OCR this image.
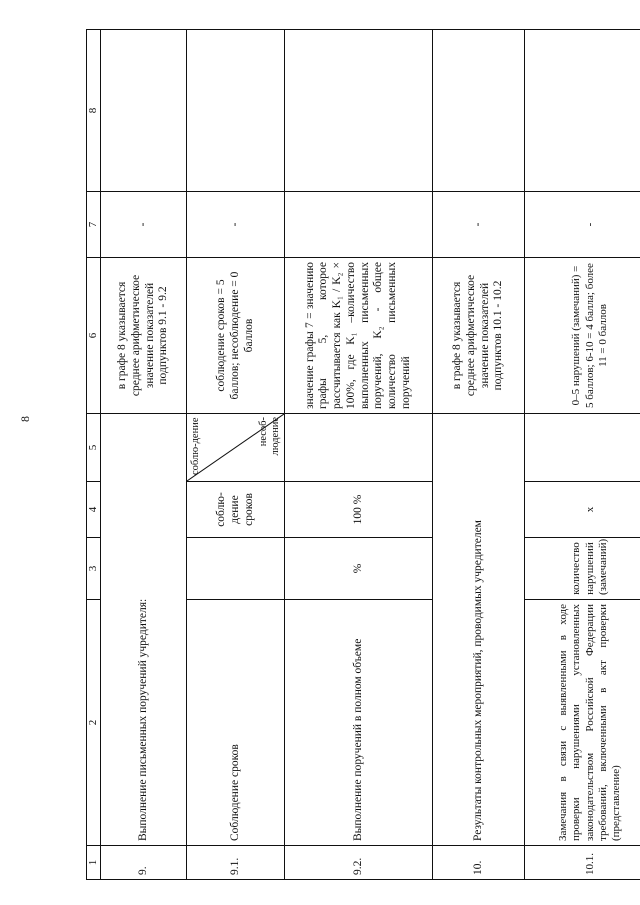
8
1	2	3	4	5	6	7	8
9.	Выполнение письменных поручений учредителя:				в графе 8 указывается среднее арифметическое значение показателей подпунктов 9.1 - 9.2	-	
9.1.	Соблюдение сроков		соблю-дение сроков	соблю-дение несоб-людение	соблюдение сроков = 5 баллов; несоблюдение = 0 баллов	-	
9.2.	Выполнение поручений в полном объеме	%	100 %		значение графы 7 = значению графы 5, которое рассчитывается как K₁ / K₂ × 100%, где K₁ –количество выполненных письменных поручений, K₂ - общее количество письменных поручений		
10.	Результаты контрольных мероприятий, проводимых учредителем				в графе 8 указывается среднее арифметическое значение показателей подпунктов 10.1 - 10.2	-	
10.1.	Замечания в связи с выявленными в ходе проверки нарушениями установленных законодательством Российской Федерации требований, включенными в акт проверки (представление)	количество нарушений (замечаний)	x		0–5 нарушений (замечаний) = 5 баллов; 6-10 = 4 балла; более 11 = 0 баллов	-	
